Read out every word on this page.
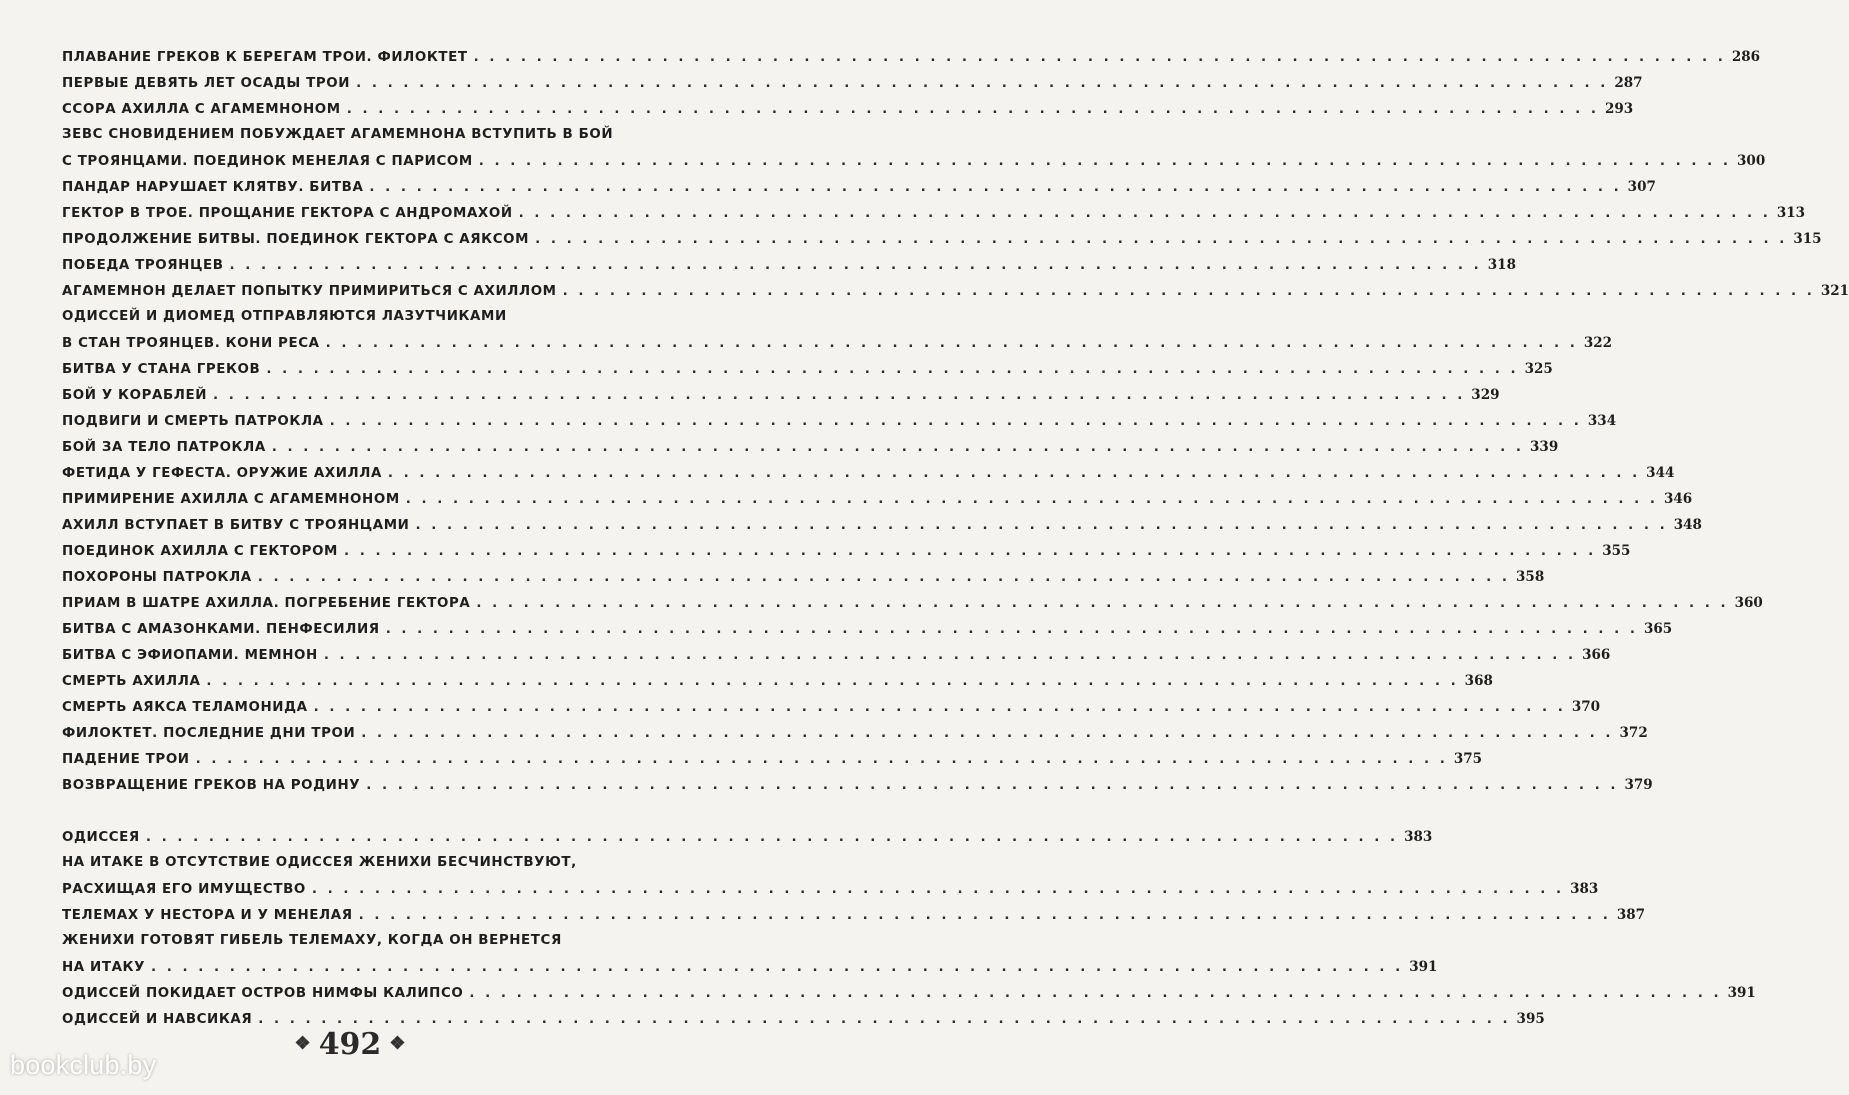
ПЛАВАНИЕ ГРЕКОВ К БЕРЕГАМ ТРОИ. ФИЛОКТЕТ . . . . . . . . . . . . . . . . . . . . . . . . . . . . . . . . . . . . . . . . . . . . . . . . . . . . . . . . . . . . . . . . . . . . . . . . . . . . . . . . 286
ПЕРВЫЕ ДЕВЯТЬ ЛЕТ ОСАДЫ ТРОИ . . . . . . . . . . . . . . . . . . . . . . . . . . . . . . . . . . . . . . . . . . . . . . . . . . . . . . . . . . . . . . . . . . . . . . . . . . . . . . . . 287
ССОРА АХИЛЛА С АГАМЕМНОНОМ . . . . . . . . . . . . . . . . . . . . . . . . . . . . . . . . . . . . . . . . . . . . . . . . . . . . . . . . . . . . . . . . . . . . . . . . . . . . . . . . 293
ЗЕВС СНОВИДЕНИЕМ ПОБУЖДАЕТ АГАМЕМНОНА ВСТУПИТЬ В БОЙ
С ТРОЯНЦАМИ. ПОЕДИНОК МЕНЕЛАЯ С ПАРИСОМ . . . . . . . . . . . . . . . . . . . . . . . . . . . . . . . . . . . . . . . . . . . . . . . . . . . . . . . . . . . . . . . . . . . . . . . . . . . . . . . . 300
ПАНДАР НАРУШАЕТ КЛЯТВУ. БИТВА . . . . . . . . . . . . . . . . . . . . . . . . . . . . . . . . . . . . . . . . . . . . . . . . . . . . . . . . . . . . . . . . . . . . . . . . . . . . . . . . 307
ГЕКТОР В ТРОЕ. ПРОЩАНИЕ ГЕКТОРА С АНДРОМАХОЙ . . . . . . . . . . . . . . . . . . . . . . . . . . . . . . . . . . . . . . . . . . . . . . . . . . . . . . . . . . . . . . . . . . . . . . . . . . . . . . . . 313
ПРОДОЛЖЕНИЕ БИТВЫ. ПОЕДИНОК ГЕКТОРА С АЯКСОМ . . . . . . . . . . . . . . . . . . . . . . . . . . . . . . . . . . . . . . . . . . . . . . . . . . . . . . . . . . . . . . . . . . . . . . . . . . . . . . . . 315
ПОБЕДА ТРОЯНЦЕВ . . . . . . . . . . . . . . . . . . . . . . . . . . . . . . . . . . . . . . . . . . . . . . . . . . . . . . . . . . . . . . . . . . . . . . . . . . . . . . . . 318
АГАМЕМНОН ДЕЛАЕТ ПОПЫТКУ ПРИМИРИТЬСЯ С АХИЛЛОМ . . . . . . . . . . . . . . . . . . . . . . . . . . . . . . . . . . . . . . . . . . . . . . . . . . . . . . . . . . . . . . . . . . . . . . . . . . . . . . . . 321
ОДИССЕЙ И ДИОМЕД ОТПРАВЛЯЮТСЯ ЛАЗУТЧИКАМИ
В СТАН ТРОЯНЦЕВ. КОНИ РЕСА . . . . . . . . . . . . . . . . . . . . . . . . . . . . . . . . . . . . . . . . . . . . . . . . . . . . . . . . . . . . . . . . . . . . . . . . . . . . . . . . 322
БИТВА У СТАНА ГРЕКОВ . . . . . . . . . . . . . . . . . . . . . . . . . . . . . . . . . . . . . . . . . . . . . . . . . . . . . . . . . . . . . . . . . . . . . . . . . . . . . . . . 325
БОЙ У КОРАБЛЕЙ . . . . . . . . . . . . . . . . . . . . . . . . . . . . . . . . . . . . . . . . . . . . . . . . . . . . . . . . . . . . . . . . . . . . . . . . . . . . . . . . 329
ПОДВИГИ И СМЕРТЬ ПАТРОКЛА . . . . . . . . . . . . . . . . . . . . . . . . . . . . . . . . . . . . . . . . . . . . . . . . . . . . . . . . . . . . . . . . . . . . . . . . . . . . . . . . 334
БОЙ ЗА ТЕЛО ПАТРОКЛА . . . . . . . . . . . . . . . . . . . . . . . . . . . . . . . . . . . . . . . . . . . . . . . . . . . . . . . . . . . . . . . . . . . . . . . . . . . . . . . . 339
ФЕТИДА У ГЕФЕСТА. ОРУЖИЕ АХИЛЛА . . . . . . . . . . . . . . . . . . . . . . . . . . . . . . . . . . . . . . . . . . . . . . . . . . . . . . . . . . . . . . . . . . . . . . . . . . . . . . . . 344
ПРИМИРЕНИЕ АХИЛЛА С АГАМЕМНОНОМ . . . . . . . . . . . . . . . . . . . . . . . . . . . . . . . . . . . . . . . . . . . . . . . . . . . . . . . . . . . . . . . . . . . . . . . . . . . . . . . . 346
АХИЛЛ ВСТУПАЕТ В БИТВУ С ТРОЯНЦАМИ . . . . . . . . . . . . . . . . . . . . . . . . . . . . . . . . . . . . . . . . . . . . . . . . . . . . . . . . . . . . . . . . . . . . . . . . . . . . . . . . 348
ПОЕДИНОК АХИЛЛА С ГЕКТОРОМ . . . . . . . . . . . . . . . . . . . . . . . . . . . . . . . . . . . . . . . . . . . . . . . . . . . . . . . . . . . . . . . . . . . . . . . . . . . . . . . . 355
ПОХОРОНЫ ПАТРОКЛА . . . . . . . . . . . . . . . . . . . . . . . . . . . . . . . . . . . . . . . . . . . . . . . . . . . . . . . . . . . . . . . . . . . . . . . . . . . . . . . . 358
ПРИАМ В ШАТРЕ АХИЛЛА. ПОГРЕБЕНИЕ ГЕКТОРА . . . . . . . . . . . . . . . . . . . . . . . . . . . . . . . . . . . . . . . . . . . . . . . . . . . . . . . . . . . . . . . . . . . . . . . . . . . . . . . . 360
БИТВА С АМАЗОНКАМИ. ПЕНФЕСИЛИЯ . . . . . . . . . . . . . . . . . . . . . . . . . . . . . . . . . . . . . . . . . . . . . . . . . . . . . . . . . . . . . . . . . . . . . . . . . . . . . . . . 365
БИТВА С ЭФИОПАМИ. МЕМНОН . . . . . . . . . . . . . . . . . . . . . . . . . . . . . . . . . . . . . . . . . . . . . . . . . . . . . . . . . . . . . . . . . . . . . . . . . . . . . . . . 366
СМЕРТЬ АХИЛЛА . . . . . . . . . . . . . . . . . . . . . . . . . . . . . . . . . . . . . . . . . . . . . . . . . . . . . . . . . . . . . . . . . . . . . . . . . . . . . . . . 368
СМЕРТЬ АЯКСА ТЕЛАМОНИДА . . . . . . . . . . . . . . . . . . . . . . . . . . . . . . . . . . . . . . . . . . . . . . . . . . . . . . . . . . . . . . . . . . . . . . . . . . . . . . . . 370
ФИЛОКТЕТ. ПОСЛЕДНИЕ ДНИ ТРОИ . . . . . . . . . . . . . . . . . . . . . . . . . . . . . . . . . . . . . . . . . . . . . . . . . . . . . . . . . . . . . . . . . . . . . . . . . . . . . . . . 372
ПАДЕНИЕ ТРОИ . . . . . . . . . . . . . . . . . . . . . . . . . . . . . . . . . . . . . . . . . . . . . . . . . . . . . . . . . . . . . . . . . . . . . . . . . . . . . . . . 375
ВОЗВРАЩЕНИЕ ГРЕКОВ НА РОДИНУ . . . . . . . . . . . . . . . . . . . . . . . . . . . . . . . . . . . . . . . . . . . . . . . . . . . . . . . . . . . . . . . . . . . . . . . . . . . . . . . . 379
ОДИССЕЯ . . . . . . . . . . . . . . . . . . . . . . . . . . . . . . . . . . . . . . . . . . . . . . . . . . . . . . . . . . . . . . . . . . . . . . . . . . . . . . . . 383
НА ИТАКЕ В ОТСУТСТВИЕ ОДИССЕЯ ЖЕНИХИ БЕСЧИНСТВУЮТ,
РАСХИЩАЯ ЕГО ИМУЩЕСТВО . . . . . . . . . . . . . . . . . . . . . . . . . . . . . . . . . . . . . . . . . . . . . . . . . . . . . . . . . . . . . . . . . . . . . . . . . . . . . . . . 383
ТЕЛЕМАХ У НЕСТОРА И У МЕНЕЛАЯ . . . . . . . . . . . . . . . . . . . . . . . . . . . . . . . . . . . . . . . . . . . . . . . . . . . . . . . . . . . . . . . . . . . . . . . . . . . . . . . . 387
ЖЕНИХИ ГОТОВЯТ ГИБЕЛЬ ТЕЛЕМАХУ, КОГДА ОН ВЕРНЕТСЯ
НА ИТАКУ . . . . . . . . . . . . . . . . . . . . . . . . . . . . . . . . . . . . . . . . . . . . . . . . . . . . . . . . . . . . . . . . . . . . . . . . . . . . . . . . 391
ОДИССЕЙ ПОКИДАЕТ ОСТРОВ НИМФЫ КАЛИПСО . . . . . . . . . . . . . . . . . . . . . . . . . . . . . . . . . . . . . . . . . . . . . . . . . . . . . . . . . . . . . . . . . . . . . . . . . . . . . . . . 391
ОДИССЕЙ И НАВСИКАЯ . . . . . . . . . . . . . . . . . . . . . . . . . . . . . . . . . . . . . . . . . . . . . . . . . . . . . . . . . . . . . . . . . . . . . . . . . . . . . . . . 395
❖ 492 ❖
bookclub.by
